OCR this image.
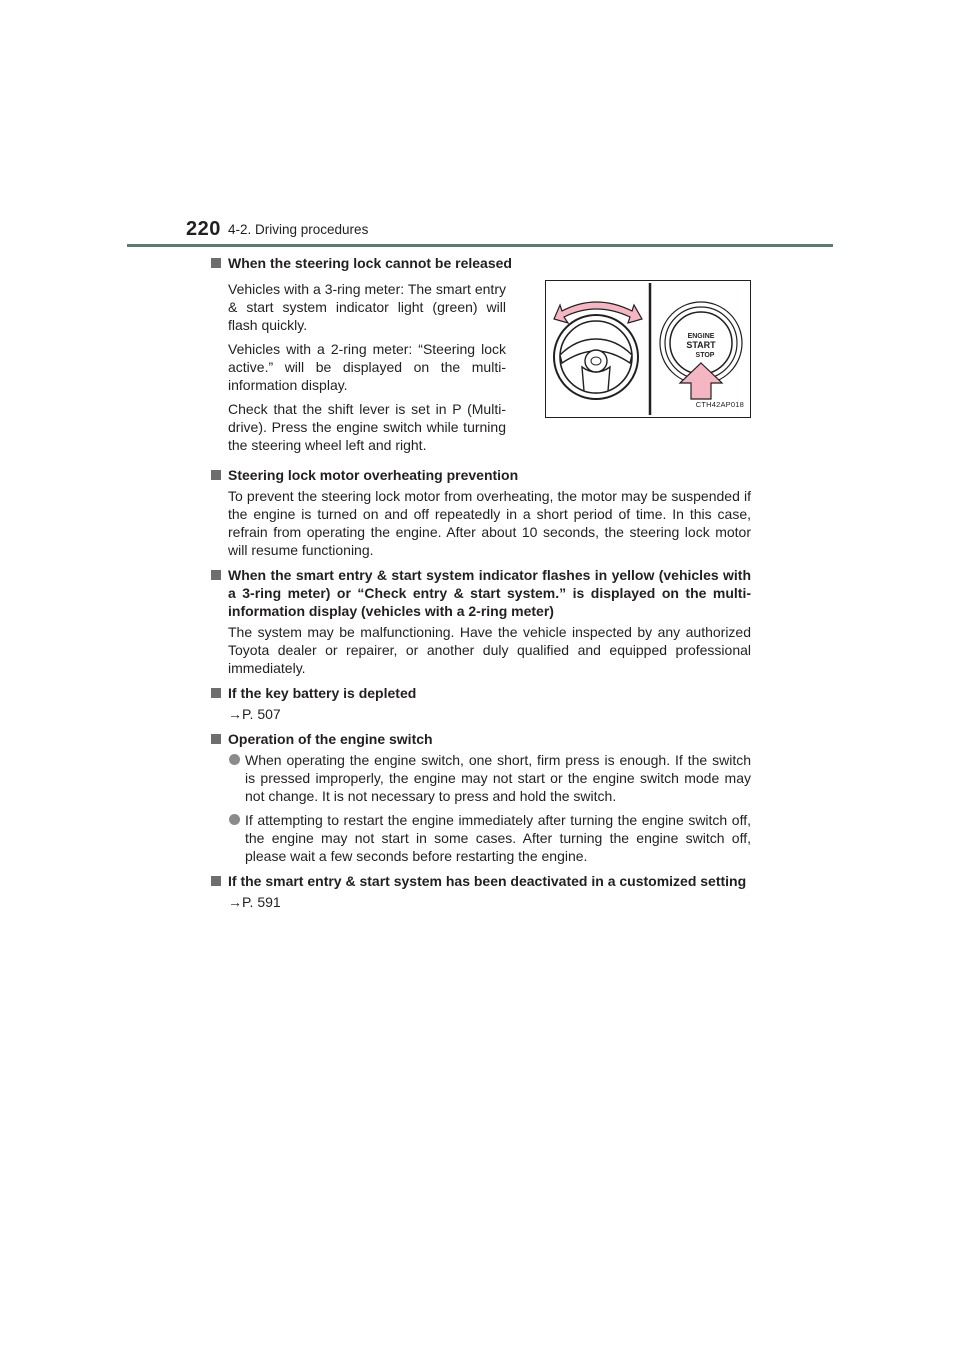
220 4-2. Driving procedures

When the steering lock cannot be released

Vehicles with a 3-ring meter: The smart entry & start system indicator light (green) will flash quickly.

Vehicles with a 2-ring meter: “Steering lock active.” will be displayed on the multi-information display.

Check that the shift lever is set in P (Multi-drive). Press the engine switch while turning the steering wheel left and right.

ENGINE
START
STOP
CTH42AP018

Steering lock motor overheating prevention

To prevent the steering lock motor from overheating, the motor may be suspended if the engine is turned on and off repeatedly in a short period of time. In this case, refrain from operating the engine. After about 10 seconds, the steering lock motor will resume functioning.

When the smart entry & start system indicator flashes in yellow (vehicles with a 3-ring meter) or “Check entry & start system.” is displayed on the multi-information display (vehicles with a 2-ring meter)

The system may be malfunctioning. Have the vehicle inspected by any authorized Toyota dealer or repairer, or another duly qualified and equipped professional immediately.

If the key battery is depleted

→P. 507

Operation of the engine switch

When operating the engine switch, one short, firm press is enough. If the switch is pressed improperly, the engine may not start or the engine switch mode may not change. It is not necessary to press and hold the switch.

If attempting to restart the engine immediately after turning the engine switch off, the engine may not start in some cases. After turning the engine switch off, please wait a few seconds before restarting the engine.

If the smart entry & start system has been deactivated in a customized setting

→P. 591
